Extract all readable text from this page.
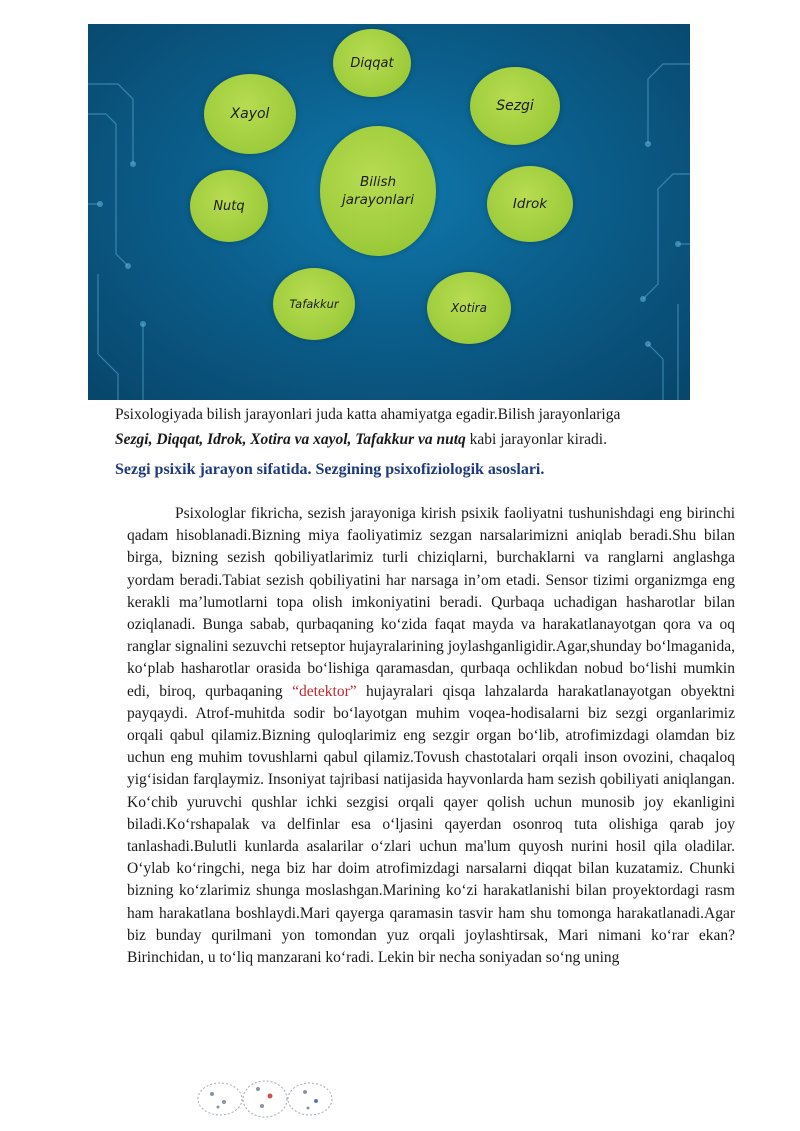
Diqqat
Xayol	Sezgi
Bilish jarayonlari
Nutq	Idrok
Tafakkur	Xotira
Psixologiyada bilish jarayonlari juda katta ahamiyatga egadir.Bilish jarayonlariga
Sezgi, Diqqat, Idrok, Xotira va xayol, Tafakkur va nutq kabi jarayonlar kiradi.
Sezgi psixik jarayon sifatida. Sezgining psixofiziologik asoslari.

Psixologlar fikricha, sezish jarayoniga kirish psixik faoliyatni tushunishdagi eng birinchi qadam hisoblanadi.Bizning miya faoliyatimiz sezgan narsalarimizni aniqlab beradi.Shu bilan birga, bizning sezish qobiliyatlarimiz turli chiziqlarni, burchaklarni va ranglarni anglashga yordam beradi.Tabiat sezish qobiliyatini har narsaga in’om etadi. Sensor tizimi organizmga eng kerakli ma’lumotlarni topa olish imkoniyatini beradi. Qurbaqa uchadigan hasharotlar bilan oziqlanadi. Bunga sabab, qurbaqaning ko‘zida faqat mayda va harakatlanayotgan qora va oq ranglar signalini sezuvchi retseptor hujayralarining joylashganligidir.Agar,shunday bo‘lmaganida, ko‘plab hasharotlar orasida bo‘lishiga qaramasdan, qurbaqa ochlikdan nobud bo‘lishi mumkin edi, biroq, qurbaqaning “detektor” hujayralari qisqa lahzalarda harakatlanayotgan obyektni payqaydi. Atrof-muhitda sodir bo‘layotgan muhim voqea-hodisalarni biz sezgi organlarimiz orqali qabul qilamiz.Bizning quloqlarimiz eng sezgir organ bo‘lib, atrofimizdagi olamdan biz uchun eng muhim tovushlarni qabul qilamiz.Tovush chastotalari orqali inson ovozini, chaqaloq yig‘isidan farqlaymiz. Insoniyat tajribasi natijasida hayvonlarda ham sezish qobiliyati aniqlangan. Ko‘chib yuruvchi qushlar ichki sezgisi orqali qayer qolish uchun munosib joy ekanligini biladi.Ko‘rshapalak va delfinlar esa o‘ljasini qayerdan osonroq tuta olishiga qarab joy tanlashadi.Bulutli kunlarda asalarilar o‘zlari uchun ma'lum quyosh nurini hosil qila oladilar. O‘ylab ko‘ringchi, nega biz har doim atrofimizdagi narsalarni diqqat bilan kuzatamiz. Chunki bizning ko‘zlarimiz shunga moslashgan.Marining ko‘zi harakatlanishi bilan proyektordagi rasm ham harakatlana boshlaydi.Mari qayerga qaramasin tasvir ham shu tomonga harakatlanadi.Agar biz bunday qurilmani yon tomondan yuz orqali joylashtirsak, Mari nimani ko‘rar ekan? Birinchidan, u to‘liq manzarani ko‘radi. Lekin bir necha soniyadan so‘ng uning
